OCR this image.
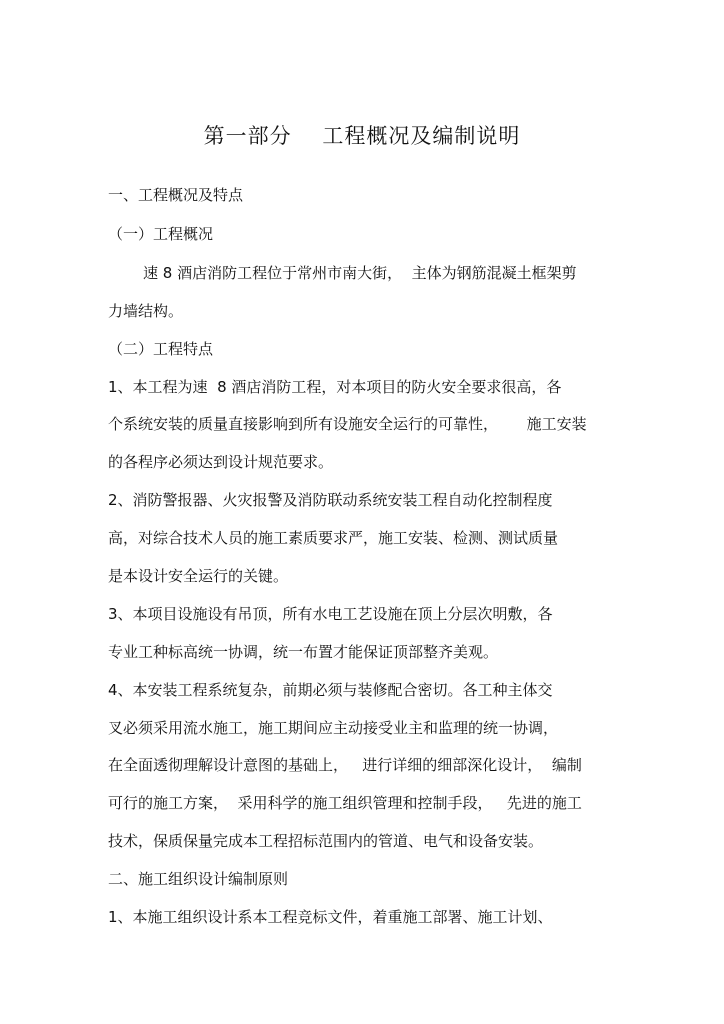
第一部分    工程概况及编制说明
一、工程概况及特点
（一）工程概况
速 8 酒店消防工程位于常州市南大街，  主体为钢筋混凝土框架剪
力墙结构。
（二）工程特点
1、本工程为速  8 酒店消防工程，对本项目的防火安全要求很高，各
个系统安装的质量直接影响到所有设施安全运行的可靠性，      施工安装
的各程序必须达到设计规范要求。
2、消防警报器、火灾报警及消防联动系统安装工程自动化控制程度
高，对综合技术人员的施工素质要求严，施工安装、检测、测试质量
是本设计安全运行的关键。
3、本项目设施设有吊顶，所有水电工艺设施在顶上分层次明敷，各
专业工种标高统一协调，统一布置才能保证顶部整齐美观。
4、本安装工程系统复杂，前期必须与装修配合密切。各工种主体交
叉必须采用流水施工，施工期间应主动接受业主和监理的统一协调，
在全面透彻理解设计意图的基础上，   进行详细的细部深化设计，  编制
可行的施工方案，  采用科学的施工组织管理和控制手段，   先进的施工
技术，保质保量完成本工程招标范围内的管道、电气和设备安装。
二、施工组织设计编制原则
1、本施工组织设计系本工程竞标文件，着重施工部署、施工计划、
